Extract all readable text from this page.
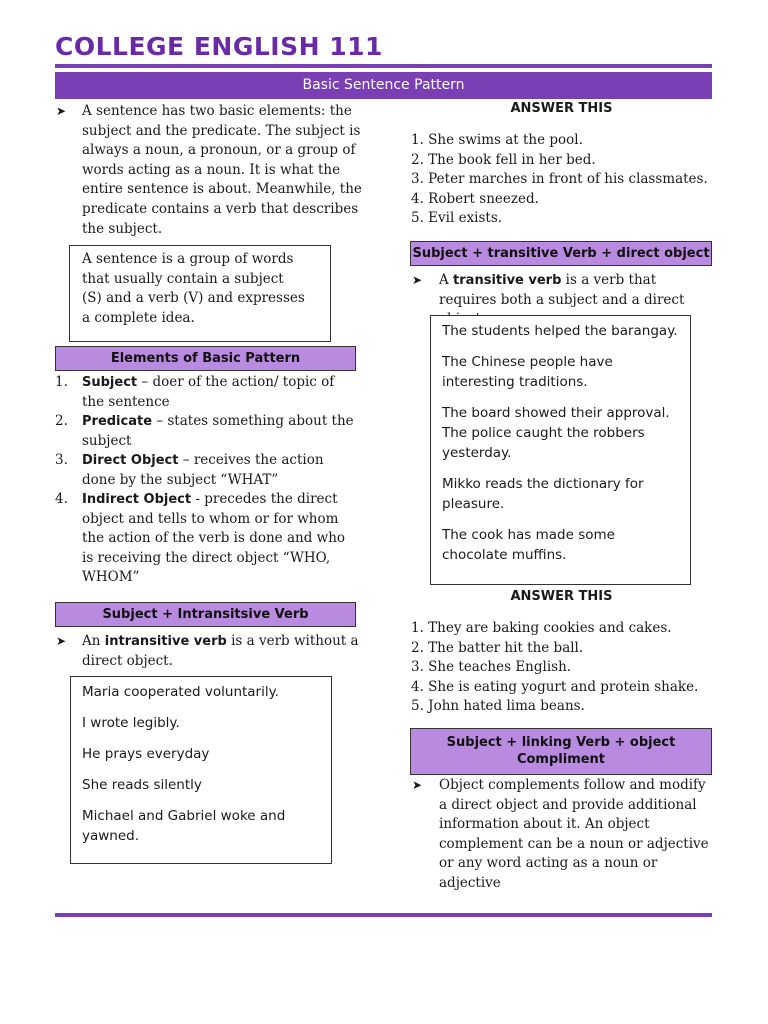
COLLEGE ENGLISH 111
Basic Sentence Pattern
➤ A sentence has two basic elements: the subject and the predicate. The subject is always a noun, a pronoun, or a group of words acting as a noun. It is what the entire sentence is about. Meanwhile, the predicate contains a verb that describes the subject.
A sentence is a group of words that usually contain a subject (S) and a verb (V) and expresses a complete idea.
Elements of Basic Pattern
1. Subject – doer of the action/ topic of the sentence
2. Predicate – states something about the subject
3. Direct Object – receives the action done by the subject “WHAT”
4. Indirect Object - precedes the direct object and tells to whom or for whom the action of the verb is done and who is receiving the direct object “WHO, WHOM”
Subject + Intransitsive Verb
➤ An intransitive verb is a verb without a direct object.

Maria cooperated voluntarily.

I wrote legibly.

He prays everyday

She reads silently

Michael and Gabriel woke and yawned.

ANSWER THIS
1. She swims at the pool.
2. The book fell in her bed.
3. Peter marches in front of his classmates.
4. Robert sneezed.
5. Evil exists.
Subject + transitive Verb + direct object
➤ A transitive verb is a verb that requires both a subject and a direct

The students helped the barangay.

The Chinese people have interesting traditions.

The board showed their approval. The police caught the robbers yesterday.

Mikko reads the dictionary for pleasure.

The cook has made some chocolate muffins.

ANSWER THIS
1. They are baking cookies and cakes.
2. The batter hit the ball.
3. She teaches English.
4. She is eating yogurt and protein shake.
5. John hated lima beans.
Subject + linking Verb + object Compliment
➤ Object complements follow and modify a direct object and provide additional information about it. An object complement can be a noun or adjective or any word acting as a noun or adjective
